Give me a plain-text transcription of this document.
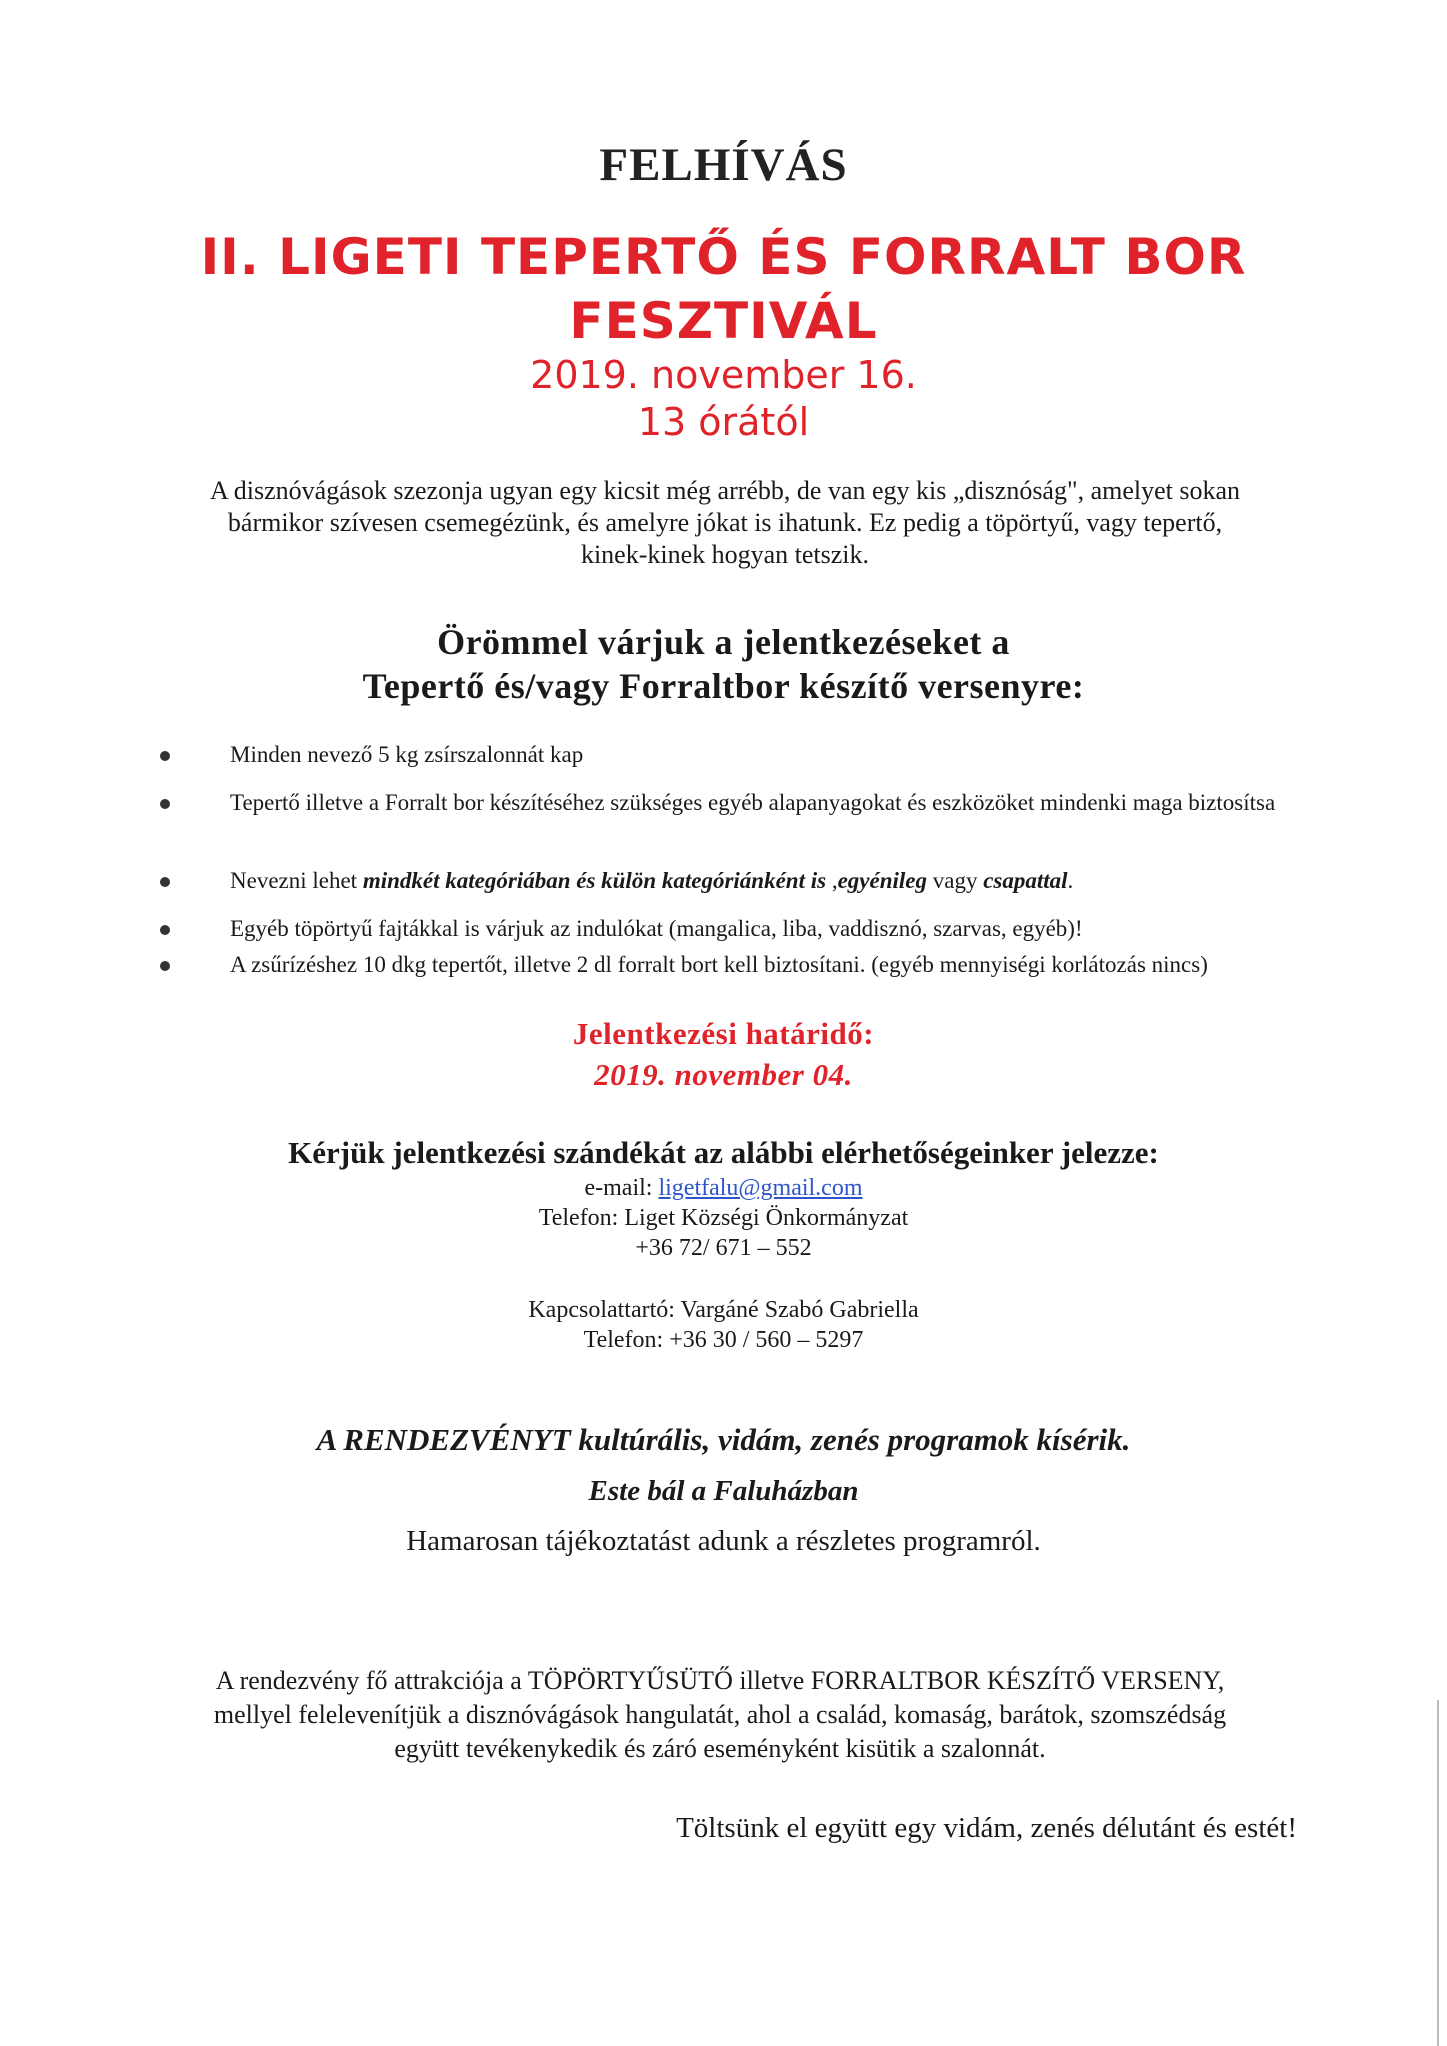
FELHÍVÁS
II. LIGETI TEPERTŐ ÉS FORRALT BOR
FESZTIVÁL
2019. november 16.
13 órától
A disznóvágások szezonja ugyan egy kicsit még arrébb, de van egy kis „disznóság", amelyet sokan
bármikor szívesen csemegézünk, és amelyre jókat is ihatunk. Ez pedig a töpörtyű, vagy tepertő,
kinek-kinek hogyan tetszik.
Örömmel várjuk a jelentkezéseket a
Tepertő és/vagy Forraltbor készítő versenyre:
Minden nevező 5 kg zsírszalonnát kap
Tepertő illetve a Forralt bor készítéséhez szükséges egyéb alapanyagokat és eszközöket mindenki maga biztosítsa
Nevezni lehet mindkét kategóriában és külön kategóriánként is ,egyénileg vagy csapattal.
Egyéb töpörtyű fajtákkal is várjuk az indulókat (mangalica, liba, vaddisznó, szarvas, egyéb)!
A zsűrízéshez 10 dkg tepertőt, illetve 2 dl forralt bort kell biztosítani. (egyéb mennyiségi korlátozás nincs)
Jelentkezési határidő:
2019. november 04.
Kérjük jelentkezési szándékát az alábbi elérhetőségeinker jelezze:
e-mail: ligetfalu@gmail.com
Telefon: Liget Községi Önkormányzat
+36 72/ 671 – 552
Kapcsolattartó: Vargáné Szabó Gabriella
Telefon: +36 30 / 560 – 5297
A RENDEZVÉNYT kultúrális, vidám, zenés programok kísérik.
Este bál a Faluházban
Hamarosan tájékoztatást adunk a részletes programról.
A rendezvény fő attrakciója a TÖPÖRTYŰSÜTŐ illetve FORRALTBOR KÉSZÍTŐ VERSENY,
mellyel felelevenítjük a disznóvágások hangulatát, ahol a család, komaság, barátok, szomszédság
együtt tevékenykedik és záró eseményként kisütik a szalonnát.
Töltsünk el együtt egy vidám, zenés délutánt és estét!
